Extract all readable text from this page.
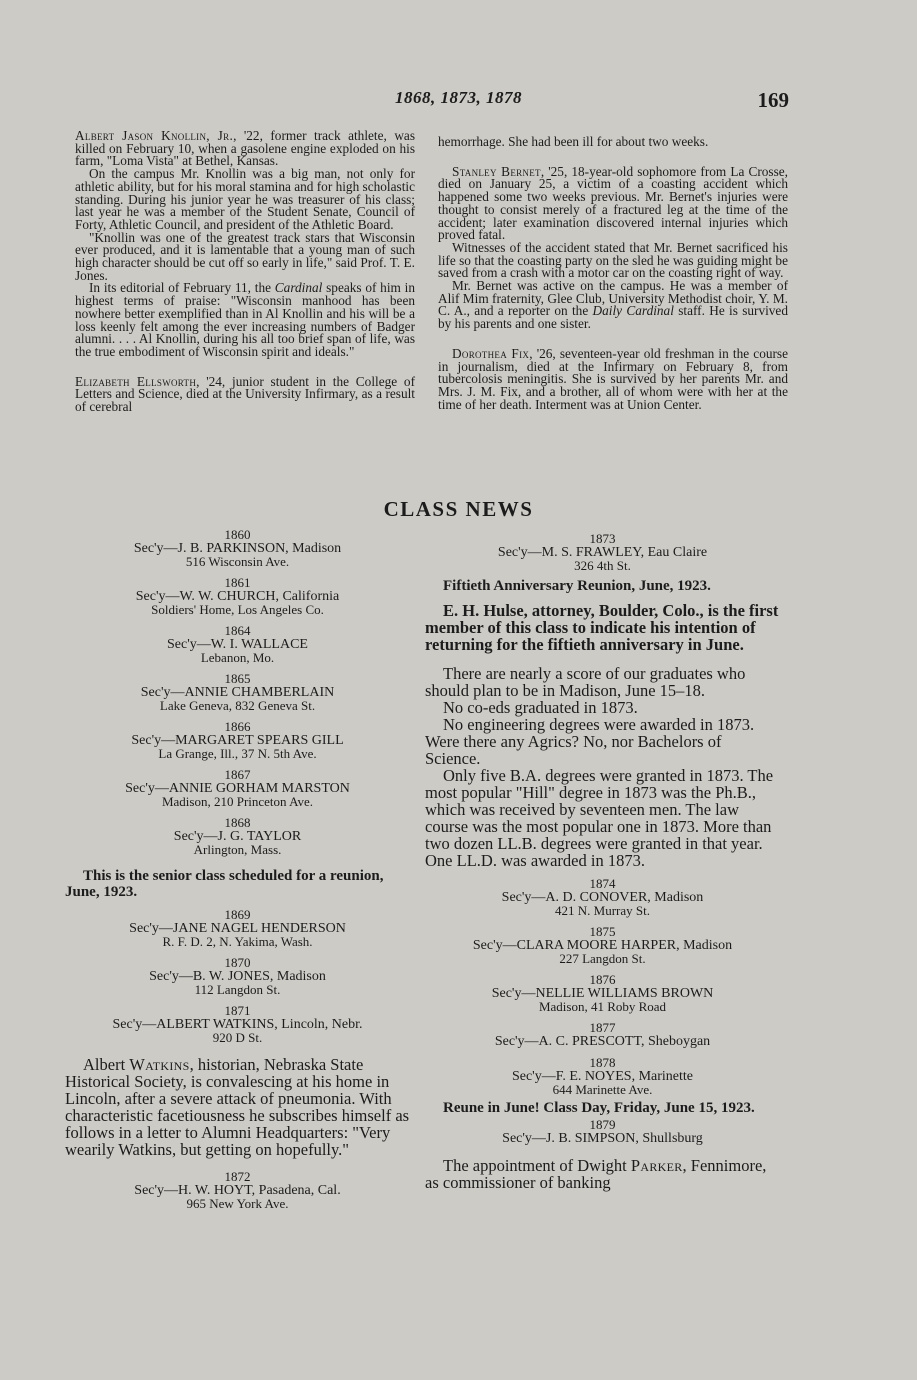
1868, 1873, 1878	169

Albert Jason Knollin, Jr., '22, former track athlete, was killed on February 10, when a gasolene engine exploded on his farm, "Loma Vista" at Bethel, Kansas.

On the campus Mr. Knollin was a big man, not only for athletic ability, but for his moral stamina and for high scholastic standing. During his junior year he was treasurer of his class; last year he was a member of the Student Senate, Council of Forty, Athletic Council, and president of the Athletic Board.

"Knollin was one of the greatest track stars that Wisconsin ever produced, and it is lamentable that a young man of such high character should be cut off so early in life," said Prof. T. E. Jones.

In its editorial of February 11, the Cardinal speaks of him in highest terms of praise: "Wisconsin manhood has been nowhere better exemplified than in Al Knollin and his will be a loss keenly felt among the ever increasing numbers of Badger alumni. . . . Al Knollin, during his all too brief span of life, was the true embodiment of Wisconsin spirit and ideals."

Elizabeth Ellsworth, '24, junior student in the College of Letters and Science, died at the University Infirmary, as a result of cerebral

hemorrhage. She had been ill for about two weeks.

Stanley Bernet, '25, 18-year-old sophomore from La Crosse, died on January 25, a victim of a coasting accident which happened some two weeks previous. Mr. Bernet's injuries were thought to consist merely of a fractured leg at the time of the accident; later examination discovered internal injuries which proved fatal.

Witnesses of the accident stated that Mr. Bernet sacrificed his life so that the coasting party on the sled he was guiding might be saved from a crash with a motor car on the coasting right of way.

Mr. Bernet was active on the campus. He was a member of Alif Mim fraternity, Glee Club, University Methodist choir, Y. M. C. A., and a reporter on the Daily Cardinal staff. He is survived by his parents and one sister.

Dorothea Fix, '26, seventeen-year old freshman in the course in journalism, died at the Infirmary on February 8, from tubercolosis meningitis. She is survived by her parents Mr. and Mrs. J. M. Fix, and a brother, all of whom were with her at the time of her death. Interment was at Union Center.

CLASS NEWS
1860
Sec'y—J. B. PARKINSON, Madison
516 Wisconsin Ave.
1861
Sec'y—W. W. CHURCH, California
Soldiers' Home, Los Angeles Co.
1864
Sec'y—W. I. WALLACE
Lebanon, Mo.
1865
Sec'y—ANNIE CHAMBERLAIN
Lake Geneva, 832 Geneva St.
1866
Sec'y—MARGARET SPEARS GILL
La Grange, Ill., 37 N. 5th Ave.
1867
Sec'y—ANNIE GORHAM MARSTON
Madison, 210 Princeton Ave.
1868
Sec'y—J. G. TAYLOR
Arlington, Mass.
This is the senior class scheduled for a reunion, June, 1923.
1869
Sec'y—JANE NAGEL HENDERSON
R. F. D. 2, N. Yakima, Wash.
1870
Sec'y—B. W. JONES, Madison
112 Langdon St.
1871
Sec'y—ALBERT WATKINS, Lincoln, Nebr.
920 D St.

Albert Watkins, historian, Nebraska State Historical Society, is convalescing at his home in Lincoln, after a severe attack of pneumonia. With characteristic facetiousness he subscribes himself as follows in a letter to Alumni Headquarters: "Very wearily Watkins, but getting on hopefully."

1872
Sec'y—H. W. HOYT, Pasadena, Cal.
965 New York Ave.
1873
Sec'y—M. S. FRAWLEY, Eau Claire
326 4th St.
Fiftieth Anniversary Reunion, June, 1923.
E. H. Hulse, attorney, Boulder, Colo., is the first member of this class to indicate his intention of returning for the fiftieth anniversary in June.

There are nearly a score of our graduates who should plan to be in Madison, June 15–18.

No co-eds graduated in 1873.

No engineering degrees were awarded in 1873. Were there any Agrics? No, nor Bachelors of Science.

Only five B.A. degrees were granted in 1873. The most popular "Hill" degree in 1873 was the Ph.B., which was received by seventeen men. The law course was the most popular one in 1873. More than two dozen LL.B. degrees were granted in that year. One LL.D. was awarded in 1873.

1874
Sec'y—A. D. CONOVER, Madison
421 N. Murray St.
1875
Sec'y—CLARA MOORE HARPER, Madison
227 Langdon St.
1876
Sec'y—NELLIE WILLIAMS BROWN
Madison, 41 Roby Road
1877
Sec'y—A. C. PRESCOTT, Sheboygan
1878
Sec'y—F. E. NOYES, Marinette
644 Marinette Ave.
Reune in June! Class Day, Friday, June 15, 1923.
1879
Sec'y—J. B. SIMPSON, Shullsburg

The appointment of Dwight Parker, Fennimore, as commissioner of banking
